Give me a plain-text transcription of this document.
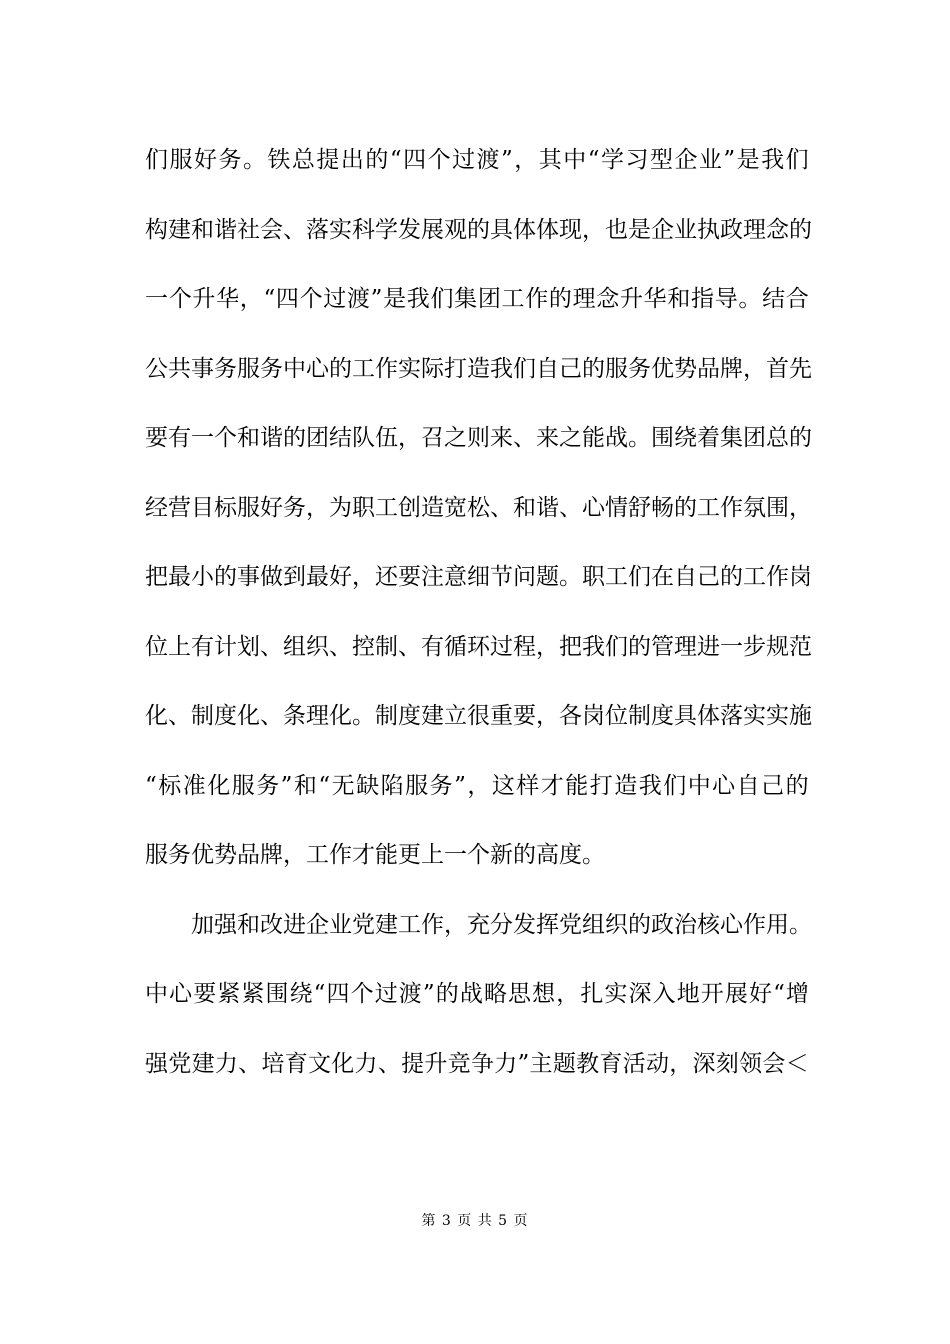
们 服 好 务 。 铁 总 提 出 的 “ 四 个 过 渡 ” ， 其 中 “ 学 习 型 企 业 ” 是 我 们
构 建 和 谐 社 会 、 落 实 科 学 发 展 观 的 具 体 体 现 ， 也 是 企 业 执 政 理 念 的
一 个 升 华 ， “ 四 个 过 渡 ” 是 我 们 集 团 工 作 的 理 念 升 华 和 指 导 。 结 合
公 共 事 务 服 务 中 心 的 工 作 实 际 打 造 我 们 自 己 的 服 务 优 势 品 牌 ， 首 先
要 有 一 个 和 谐 的 团 结 队 伍 ， 召 之 则 来 、 来 之 能 战 。 围 绕 着 集 团 总 的
经 营 目 标 服 好 务 ， 为 职 工 创 造 宽 松 、 和 谐 、 心 情 舒 畅 的 工 作 氛 围 ，
把 最 小 的 事 做 到 最 好 ， 还 要 注 意 细 节 问 题 。 职 工 们 在 自 己 的 工 作 岗
位 上 有 计 划 、 组 织 、 控 制 、 有 循 环 过 程 ， 把 我 们 的 管 理 进 一 步 规 范
化 、 制 度 化 、 条 理 化 。 制 度 建 立 很 重 要 ， 各 岗 位 制 度 具 体 落 实 实 施
“ 标 准 化 服 务 ” 和 “ 无 缺 陷 服 务 ” ， 这 样 才 能 打 造 我 们 中 心 自 己 的
服务优势品牌，工作才能更上一个新的高度。
加强和改进企业党建工作，充分发挥党组织的政治核心作用。
中 心 要 紧 紧 围 绕 “ 四 个 过 渡 ” 的 战 略 思 想 ， 扎 实 深 入 地 开 展 好 “ 增
强 党 建 力 、 培 育 文 化 力 、 提 升 竞 争 力 ” 主 题 教 育 活 动 ， 深 刻 领 会 ＜
第 3 页 共 5 页
